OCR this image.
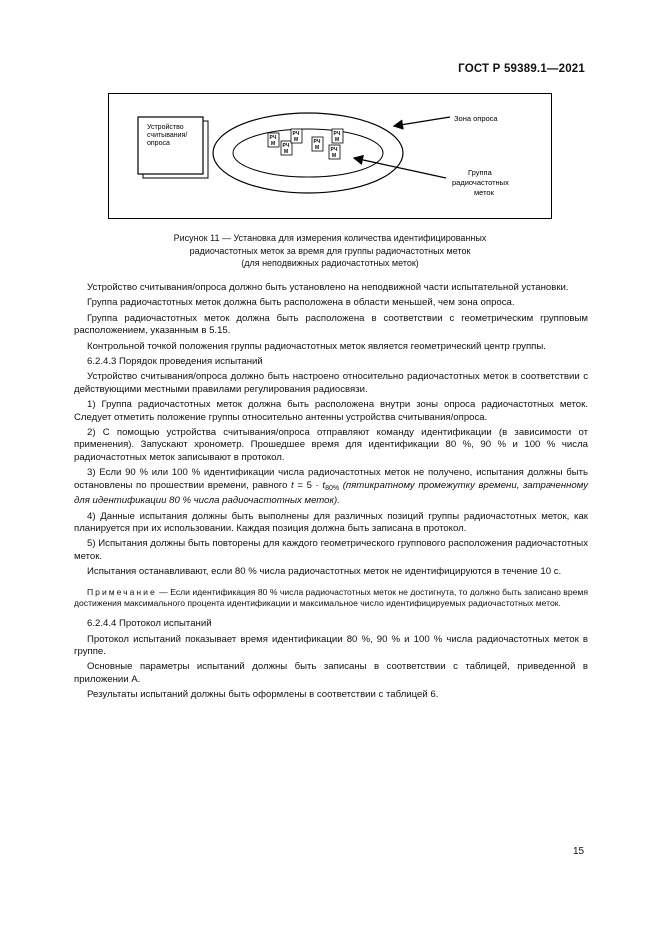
ГОСТ Р 59389.1—2021
Устройство
считывания/
опроса
РЧ
М РЧ
М
РЧ
М	РЧ
М РЧ
М
РЧ
М
Зона опроса
Группа
радиочастотных
меток
Рисунок 11 — Установка для измерения количества идентифицированных
радиочастотных меток за время для группы радиочастотных меток
(для неподвижных радиочастотных меток)

Устройство считывания/опроса должно быть установлено на неподвижной части испытательной установки.

Группа радиочастотных меток должна быть расположена в области меньшей, чем зона опроса.

Группа радиочастотных меток должна быть расположена в соответствии с геометрическим групповым расположением, указанным в 5.15.

Контрольной точкой положения группы радиочастотных меток является геометрический центр группы.

6.2.4.3 Порядок проведения испытаний

Устройство считывания/опроса должно быть настроено относительно радиочастотных меток в соответствии с действующими местными правилами регулирования радиосвязи.

1) Группа радиочастотных меток должна быть расположена внутри зоны опроса радиочастотных меток. Следует отметить положение группы относительно антенны устройства считывания/опроса.

2) С помощью устройства считывания/опроса отправляют команду идентификации (в зависимости от применения). Запускают хронометр. Прошедшее время для идентификации 80 %, 90 % и 100 % числа радиочастотных меток записывают в протокол.

3) Если 90 % или 100 % идентификации числа радиочастотных меток не получено, испытания должны быть остановлены по прошествии времени, равного $t = 5 \cdot t_{80\%}$ (пятикратному промежутку времени, затраченному для идентификации 80 % числа радиочастотных меток).

4) Данные испытания должны быть выполнены для различных позиций группы радиочастотных меток, как планируется при их использовании. Каждая позиция должна быть записана в протокол.

5) Испытания должны быть повторены для каждого геометрического группового расположения радиочастотных меток.

Испытания останавливают, если 80 % числа радиочастотных меток не идентифицируются в течение 10 с.

Примечание — Если идентификация 80 % числа радиочастотных меток не достигнута, то должно быть записано время достижения максимального процента идентификации и максимальное число идентифицируемых радиочастотных меток.

6.2.4.4 Протокол испытаний

Протокол испытаний показывает время идентификации 80 %, 90 % и 100 % числа радиочастотных меток в группе.

Основные параметры испытаний должны быть записаны в соответствии с таблицей, приведенной в приложении А.

Результаты испытаний должны быть оформлены в соответствии с таблицей 6.

15
